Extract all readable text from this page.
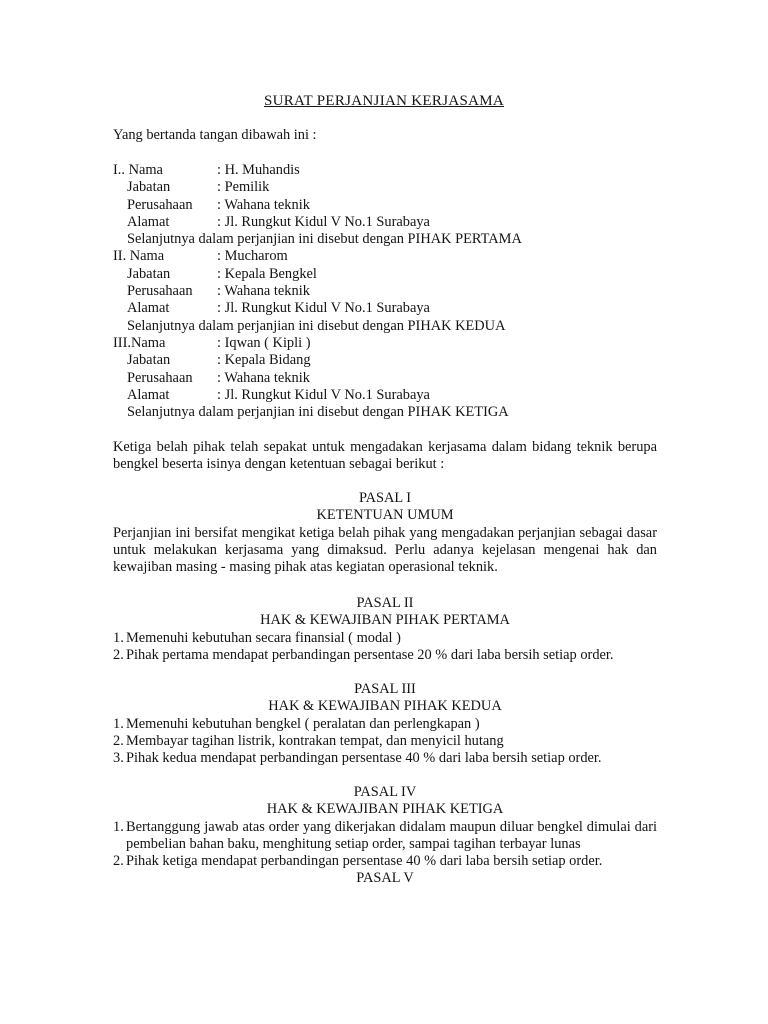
SURAT PERJANJIAN KERJASAMA
Yang bertanda tangan dibawah ini :
I.. Nama	: H. Muhandis
Jabatan	: Pemilik
Perusahaan : Wahana teknik
Alamat	: Jl. Rungkut Kidul V No.1 Surabaya
Selanjutnya dalam perjanjian ini disebut dengan PIHAK PERTAMA
II. Nama	: Mucharom
Jabatan	: Kepala Bengkel
Perusahaan : Wahana teknik
Alamat	: Jl. Rungkut Kidul V No.1 Surabaya
Selanjutnya dalam perjanjian ini disebut dengan PIHAK KEDUA
III.Nama	: Iqwan ( Kipli )
Jabatan	: Kepala Bidang
Perusahaan : Wahana teknik
Alamat	: Jl. Rungkut Kidul V No.1 Surabaya
Selanjutnya dalam perjanjian ini disebut dengan PIHAK KETIGA
Ketiga belah pihak telah sepakat untuk mengadakan kerjasama dalam bidang teknik berupa bengkel beserta isinya dengan ketentuan sebagai berikut :
PASAL I
KETENTUAN UMUM
Perjanjian ini bersifat mengikat ketiga belah pihak yang mengadakan perjanjian sebagai dasar untuk melakukan kerjasama yang dimaksud. Perlu adanya kejelasan mengenai hak dan kewajiban masing - masing pihak atas kegiatan operasional teknik.
PASAL II
HAK & KEWAJIBAN PIHAK PERTAMA
1. Memenuhi kebutuhan secara finansial ( modal )
2. Pihak pertama mendapat perbandingan persentase 20 % dari laba bersih setiap order.
PASAL III
HAK & KEWAJIBAN PIHAK KEDUA
1. Memenuhi kebutuhan bengkel ( peralatan dan perlengkapan )
2. Membayar tagihan listrik, kontrakan tempat, dan menyicil hutang
3. Pihak kedua mendapat perbandingan persentase 40 % dari laba bersih setiap order.
PASAL IV
HAK & KEWAJIBAN PIHAK KETIGA
1. Bertanggung jawab atas order yang dikerjakan didalam maupun diluar bengkel dimulai dari pembelian bahan baku, menghitung setiap order, sampai tagihan terbayar lunas
2. Pihak ketiga mendapat perbandingan persentase 40 % dari laba bersih setiap order.
PASAL V
